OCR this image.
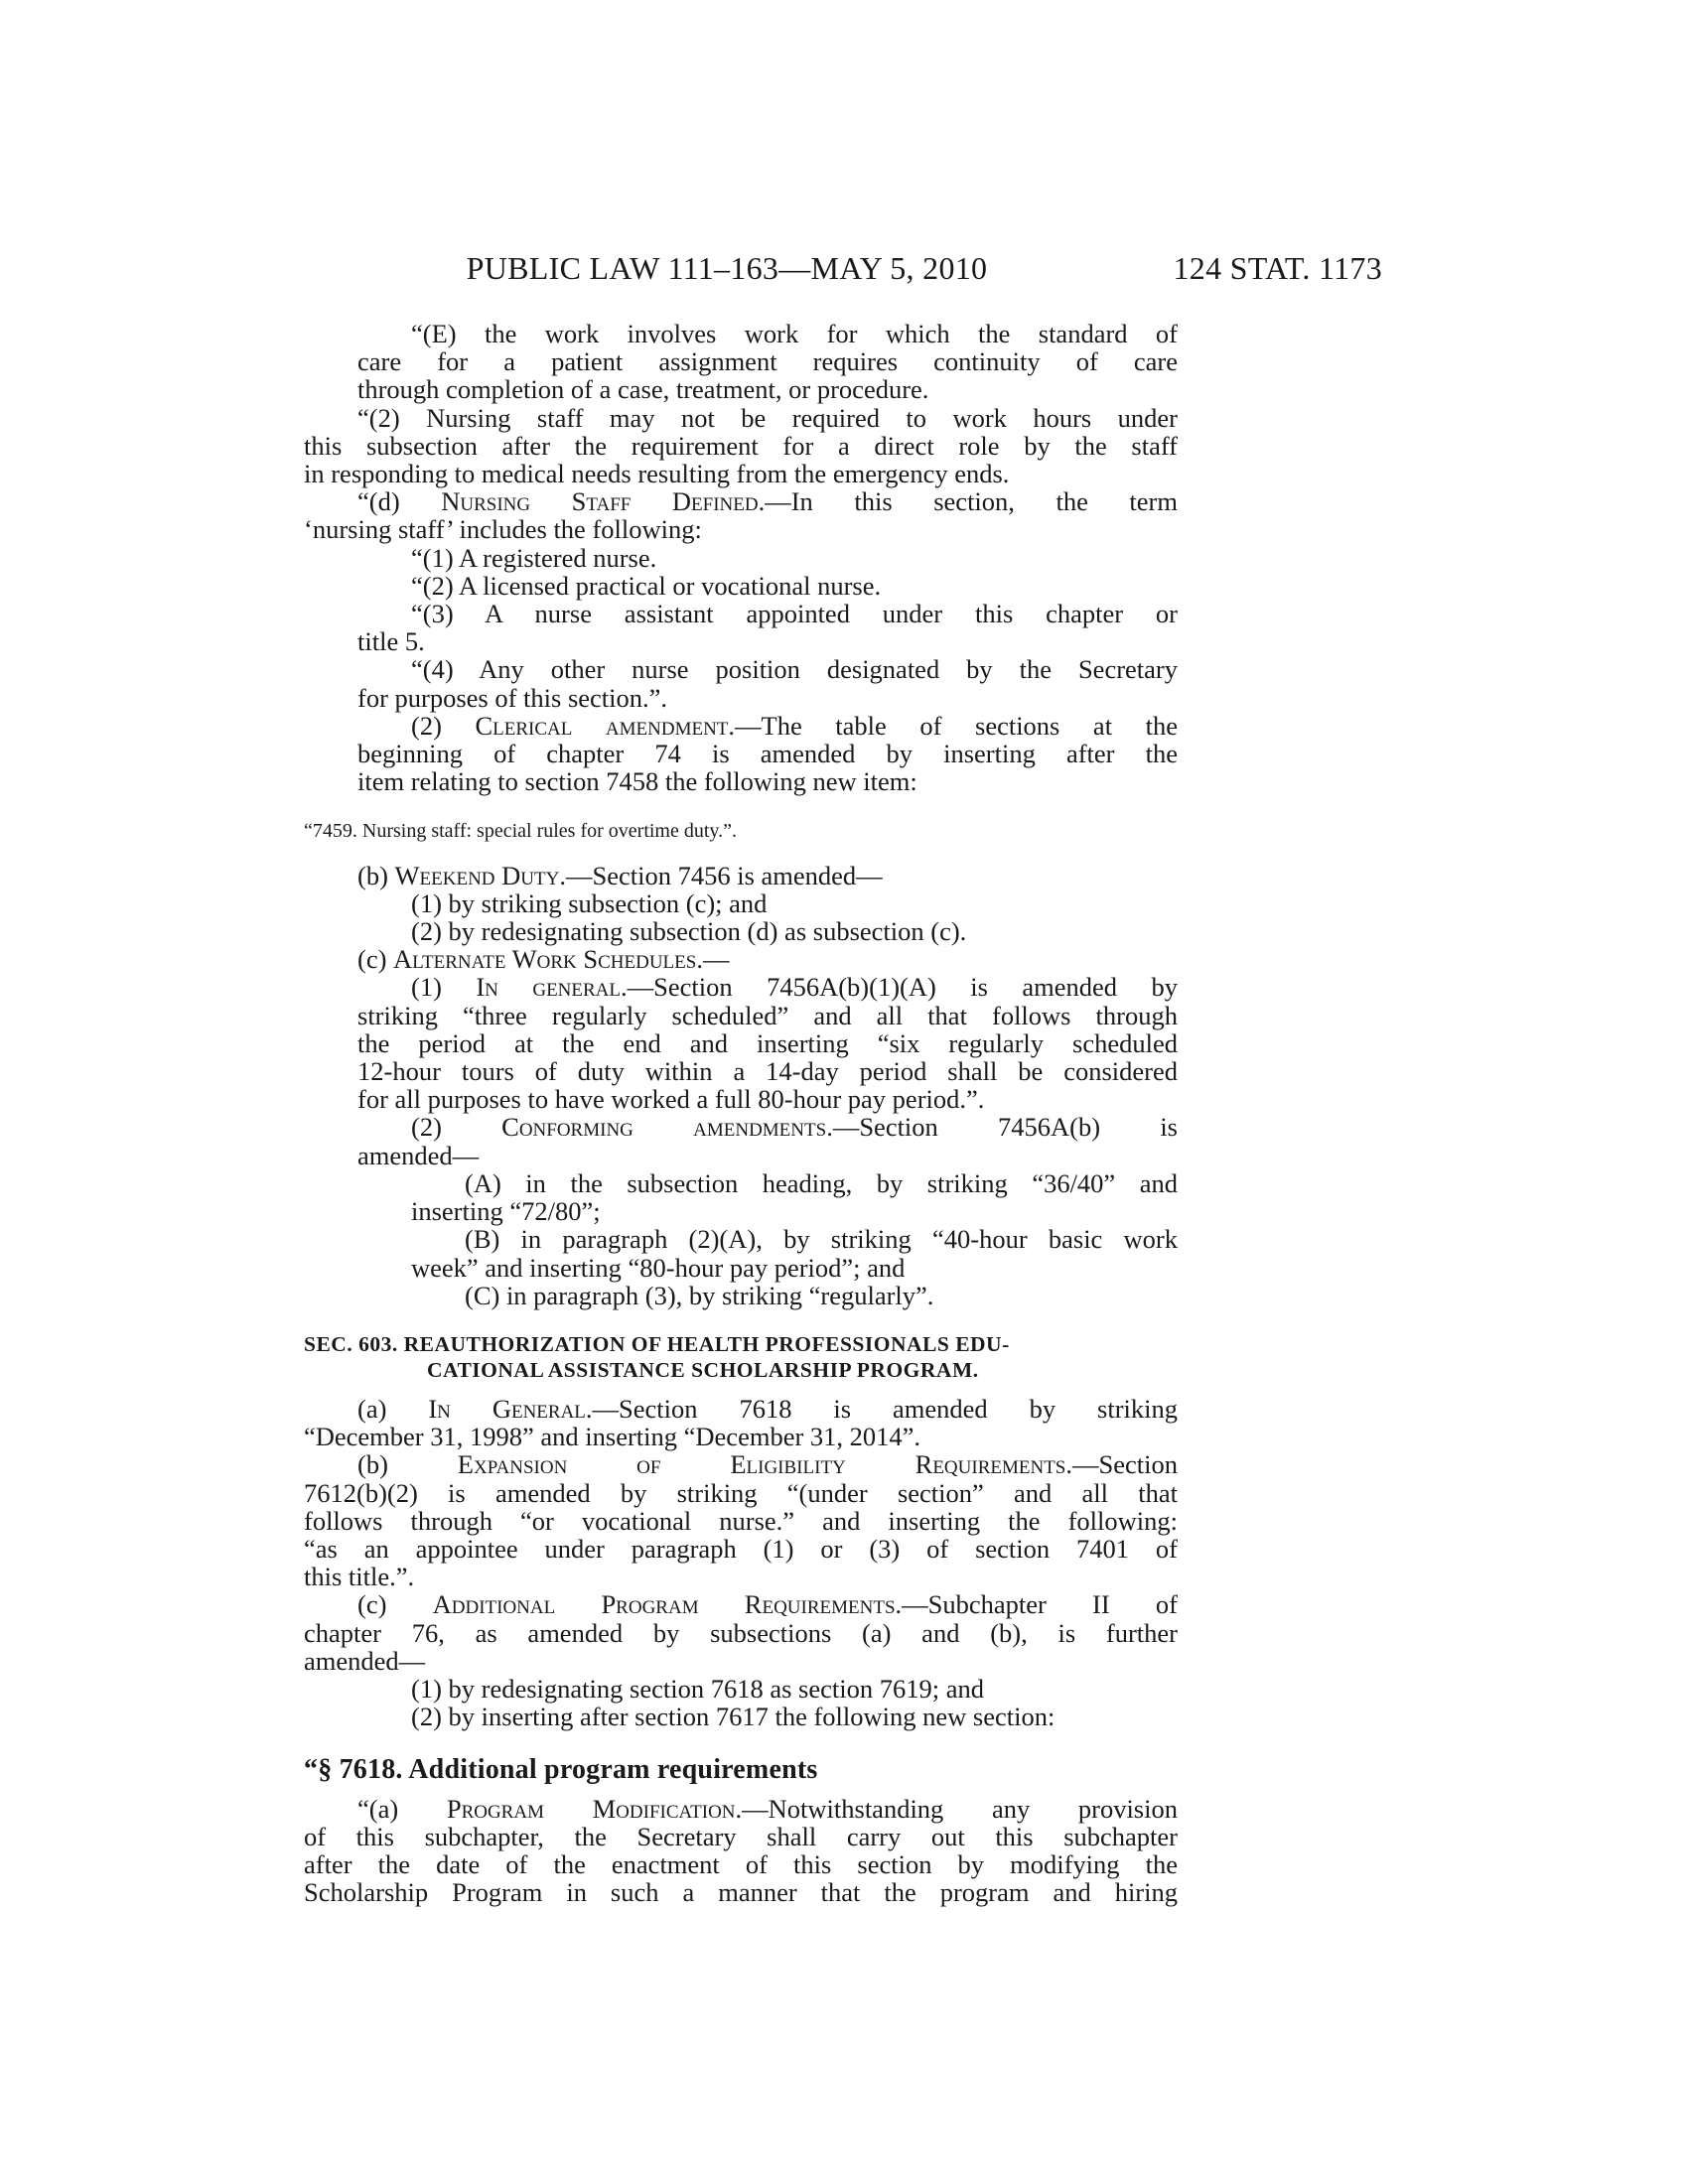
PUBLIC LAW 111–163—MAY 5, 2010	124 STAT. 1173
“(E) the work involves work for which the standard of
care for a patient assignment requires continuity of care
through completion of a case, treatment, or procedure.
“(2) Nursing staff may not be required to work hours under
this subsection after the requirement for a direct role by the staff
in responding to medical needs resulting from the emergency ends.
“(d) Nursing Staff Defined.—In this section, the term
‘nursing staff’ includes the following:
“(1) A registered nurse.
“(2) A licensed practical or vocational nurse.
“(3) A nurse assistant appointed under this chapter or
title 5.
“(4) Any other nurse position designated by the Secretary
for purposes of this section.”.
(2) Clerical amendment.—The table of sections at the
beginning of chapter 74 is amended by inserting after the
item relating to section 7458 the following new item:
“7459. Nursing staff: special rules for overtime duty.”.
(b) Weekend Duty.—Section 7456 is amended—
(1) by striking subsection (c); and
(2) by redesignating subsection (d) as subsection (c).
(c) Alternate Work Schedules.—
(1) In general.—Section 7456A(b)(1)(A) is amended by
striking “three regularly scheduled” and all that follows through
the period at the end and inserting “six regularly scheduled
12-hour tours of duty within a 14-day period shall be considered
for all purposes to have worked a full 80-hour pay period.”.
(2) Conforming amendments.—Section 7456A(b) is
amended—
(A) in the subsection heading, by striking “36/40” and
inserting “72/80”;
(B) in paragraph (2)(A), by striking “40-hour basic work
week” and inserting “80-hour pay period”; and
(C) in paragraph (3), by striking “regularly”.
SEC. 603. REAUTHORIZATION OF HEALTH PROFESSIONALS EDU-
CATIONAL ASSISTANCE SCHOLARSHIP PROGRAM.
(a) In General.—Section 7618 is amended by striking
“December 31, 1998” and inserting “December 31, 2014”.
(b) Expansion of Eligibility Requirements.—Section
7612(b)(2) is amended by striking “(under section” and all that
follows through “or vocational nurse.” and inserting the following:
“as an appointee under paragraph (1) or (3) of section 7401 of
this title.”.
(c) Additional Program Requirements.—Subchapter II of
chapter 76, as amended by subsections (a) and (b), is further
amended—
(1) by redesignating section 7618 as section 7619; and
(2) by inserting after section 7617 the following new section:
“§ 7618. Additional program requirements
“(a) Program Modification.—Notwithstanding any provision
of this subchapter, the Secretary shall carry out this subchapter
after the date of the enactment of this section by modifying the
Scholarship Program in such a manner that the program and hiring
